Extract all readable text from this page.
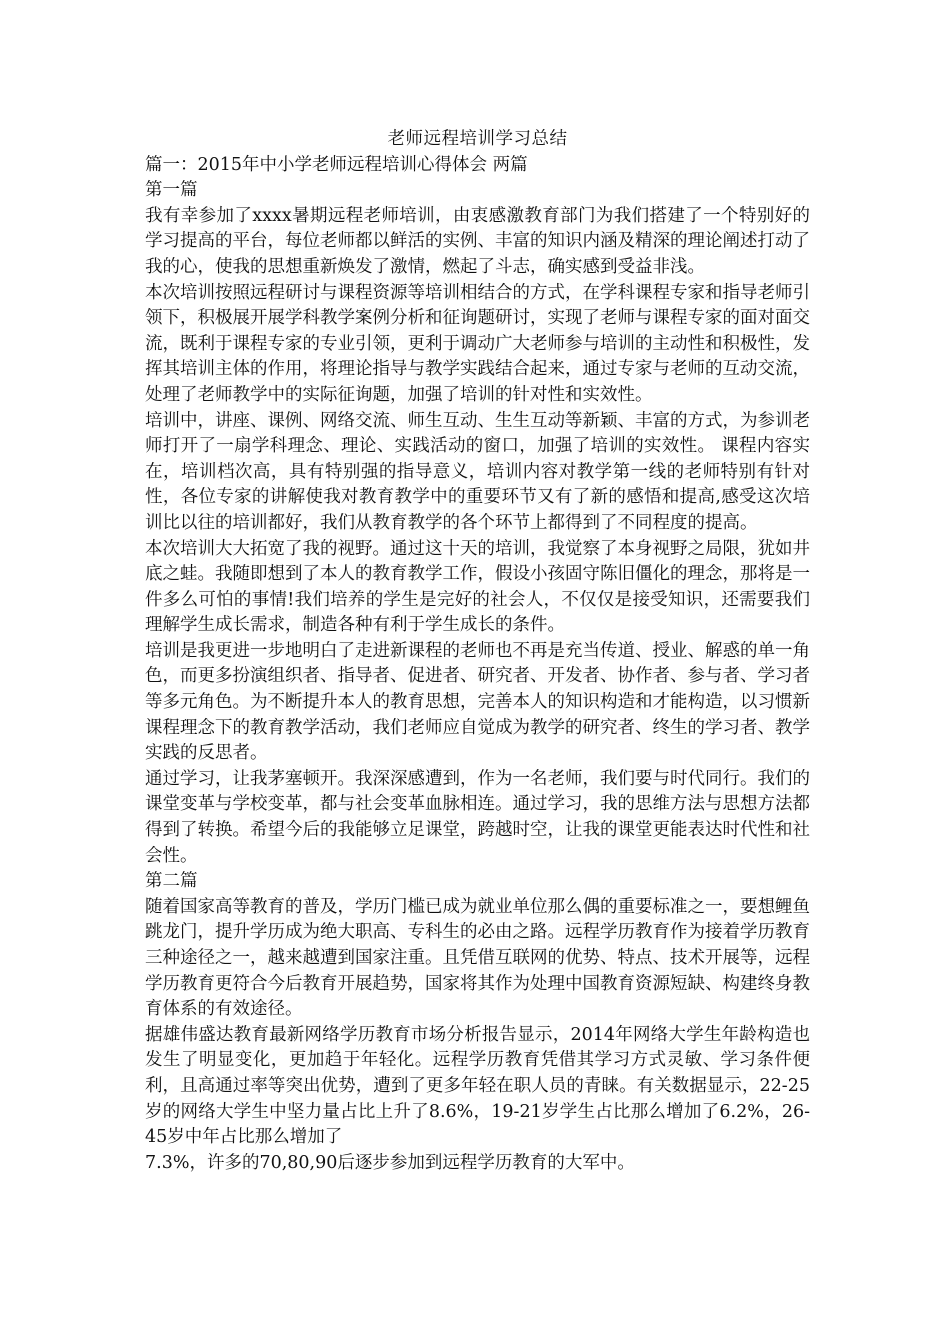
老师远程培训学习总结

篇一：2015年中小学老师远程培训心得体会 两篇

第一篇

我有幸参加了xxxx暑期远程老师培训，由衷感激教育部门为我们搭建了一个特别好的学习提高的平台，每位老师都以鲜活的实例、丰富的知识内涵及精深的理论阐述打动了我的心，使我的思想重新焕发了激情，燃起了斗志，确实感到受益非浅。

本次培训按照远程研讨与课程资源等培训相结合的方式，在学科课程专家和指导老师引领下，积极展开展学科教学案例分析和征询题研讨，实现了老师与课程专家的面对面交流，既利于课程专家的专业引领，更利于调动广大老师参与培训的主动性和积极性，发挥其培训主体的作用，将理论指导与教学实践结合起来，通过专家与老师的互动交流，处理了老师教学中的实际征询题，加强了培训的针对性和实效性。

培训中，讲座、课例、网络交流、师生互动、生生互动等新颖、丰富的方式，为参训老师打开了一扇学科理念、理论、实践活动的窗口，加强了培训的实效性。 课程内容实在，培训档次高，具有特别强的指导意义，培训内容对教学第一线的老师特别有针对性，各位专家的讲解使我对教育教学中的重要环节又有了新的感悟和提高,感受这次培训比以往的培训都好，我们从教育教学的各个环节上都得到了不同程度的提高。

本次培训大大拓宽了我的视野。通过这十天的培训，我觉察了本身视野之局限，犹如井底之蛙。我随即想到了本人的教育教学工作，假设小孩固守陈旧僵化的理念，那将是一件多么可怕的事情!我们培养的学生是完好的社会人，不仅仅是接受知识，还需要我们理解学生成长需求，制造各种有利于学生成长的条件。

培训是我更进一步地明白了走进新课程的老师也不再是充当传道、授业、解惑的单一角色，而更多扮演组织者、指导者、促进者、研究者、开发者、协作者、参与者、学习者等多元角色。为不断提升本人的教育思想，完善本人的知识构造和才能构造，以习惯新课程理念下的教育教学活动，我们老师应自觉成为教学的研究者、终生的学习者、教学实践的反思者。

通过学习，让我茅塞顿开。我深深感遭到，作为一名老师，我们要与时代同行。我们的课堂变革与学校变革，都与社会变革血脉相连。通过学习，我的思维方法与思想方法都得到了转换。希望今后的我能够立足课堂，跨越时空，让我的课堂更能表达时代性和社会性。

第二篇

随着国家高等教育的普及，学历门槛已成为就业单位那么偶的重要标准之一，要想鲤鱼跳龙门，提升学历成为绝大职高、专科生的必由之路。远程学历教育作为接着学历教育三种途径之一，越来越遭到国家注重。且凭借互联网的优势、特点、技术开展等，远程学历教育更符合今后教育开展趋势，国家将其作为处理中国教育资源短缺、构建终身教育体系的有效途径。

据雄伟盛达教育最新网络学历教育市场分析报告显示，2014年网络大学生年龄构造也发生了明显变化，更加趋于年轻化。远程学历教育凭借其学习方式灵敏、学习条件便利，且高通过率等突出优势，遭到了更多年轻在职人员的青睐。有关数据显示，22-25岁的网络大学生中坚力量占比上升了8.6%，19-21岁学生占比那么增加了6.2%，26-45岁中年占比那么增加了

7.3%，许多的70,80,90后逐步参加到远程学历教育的大军中。
